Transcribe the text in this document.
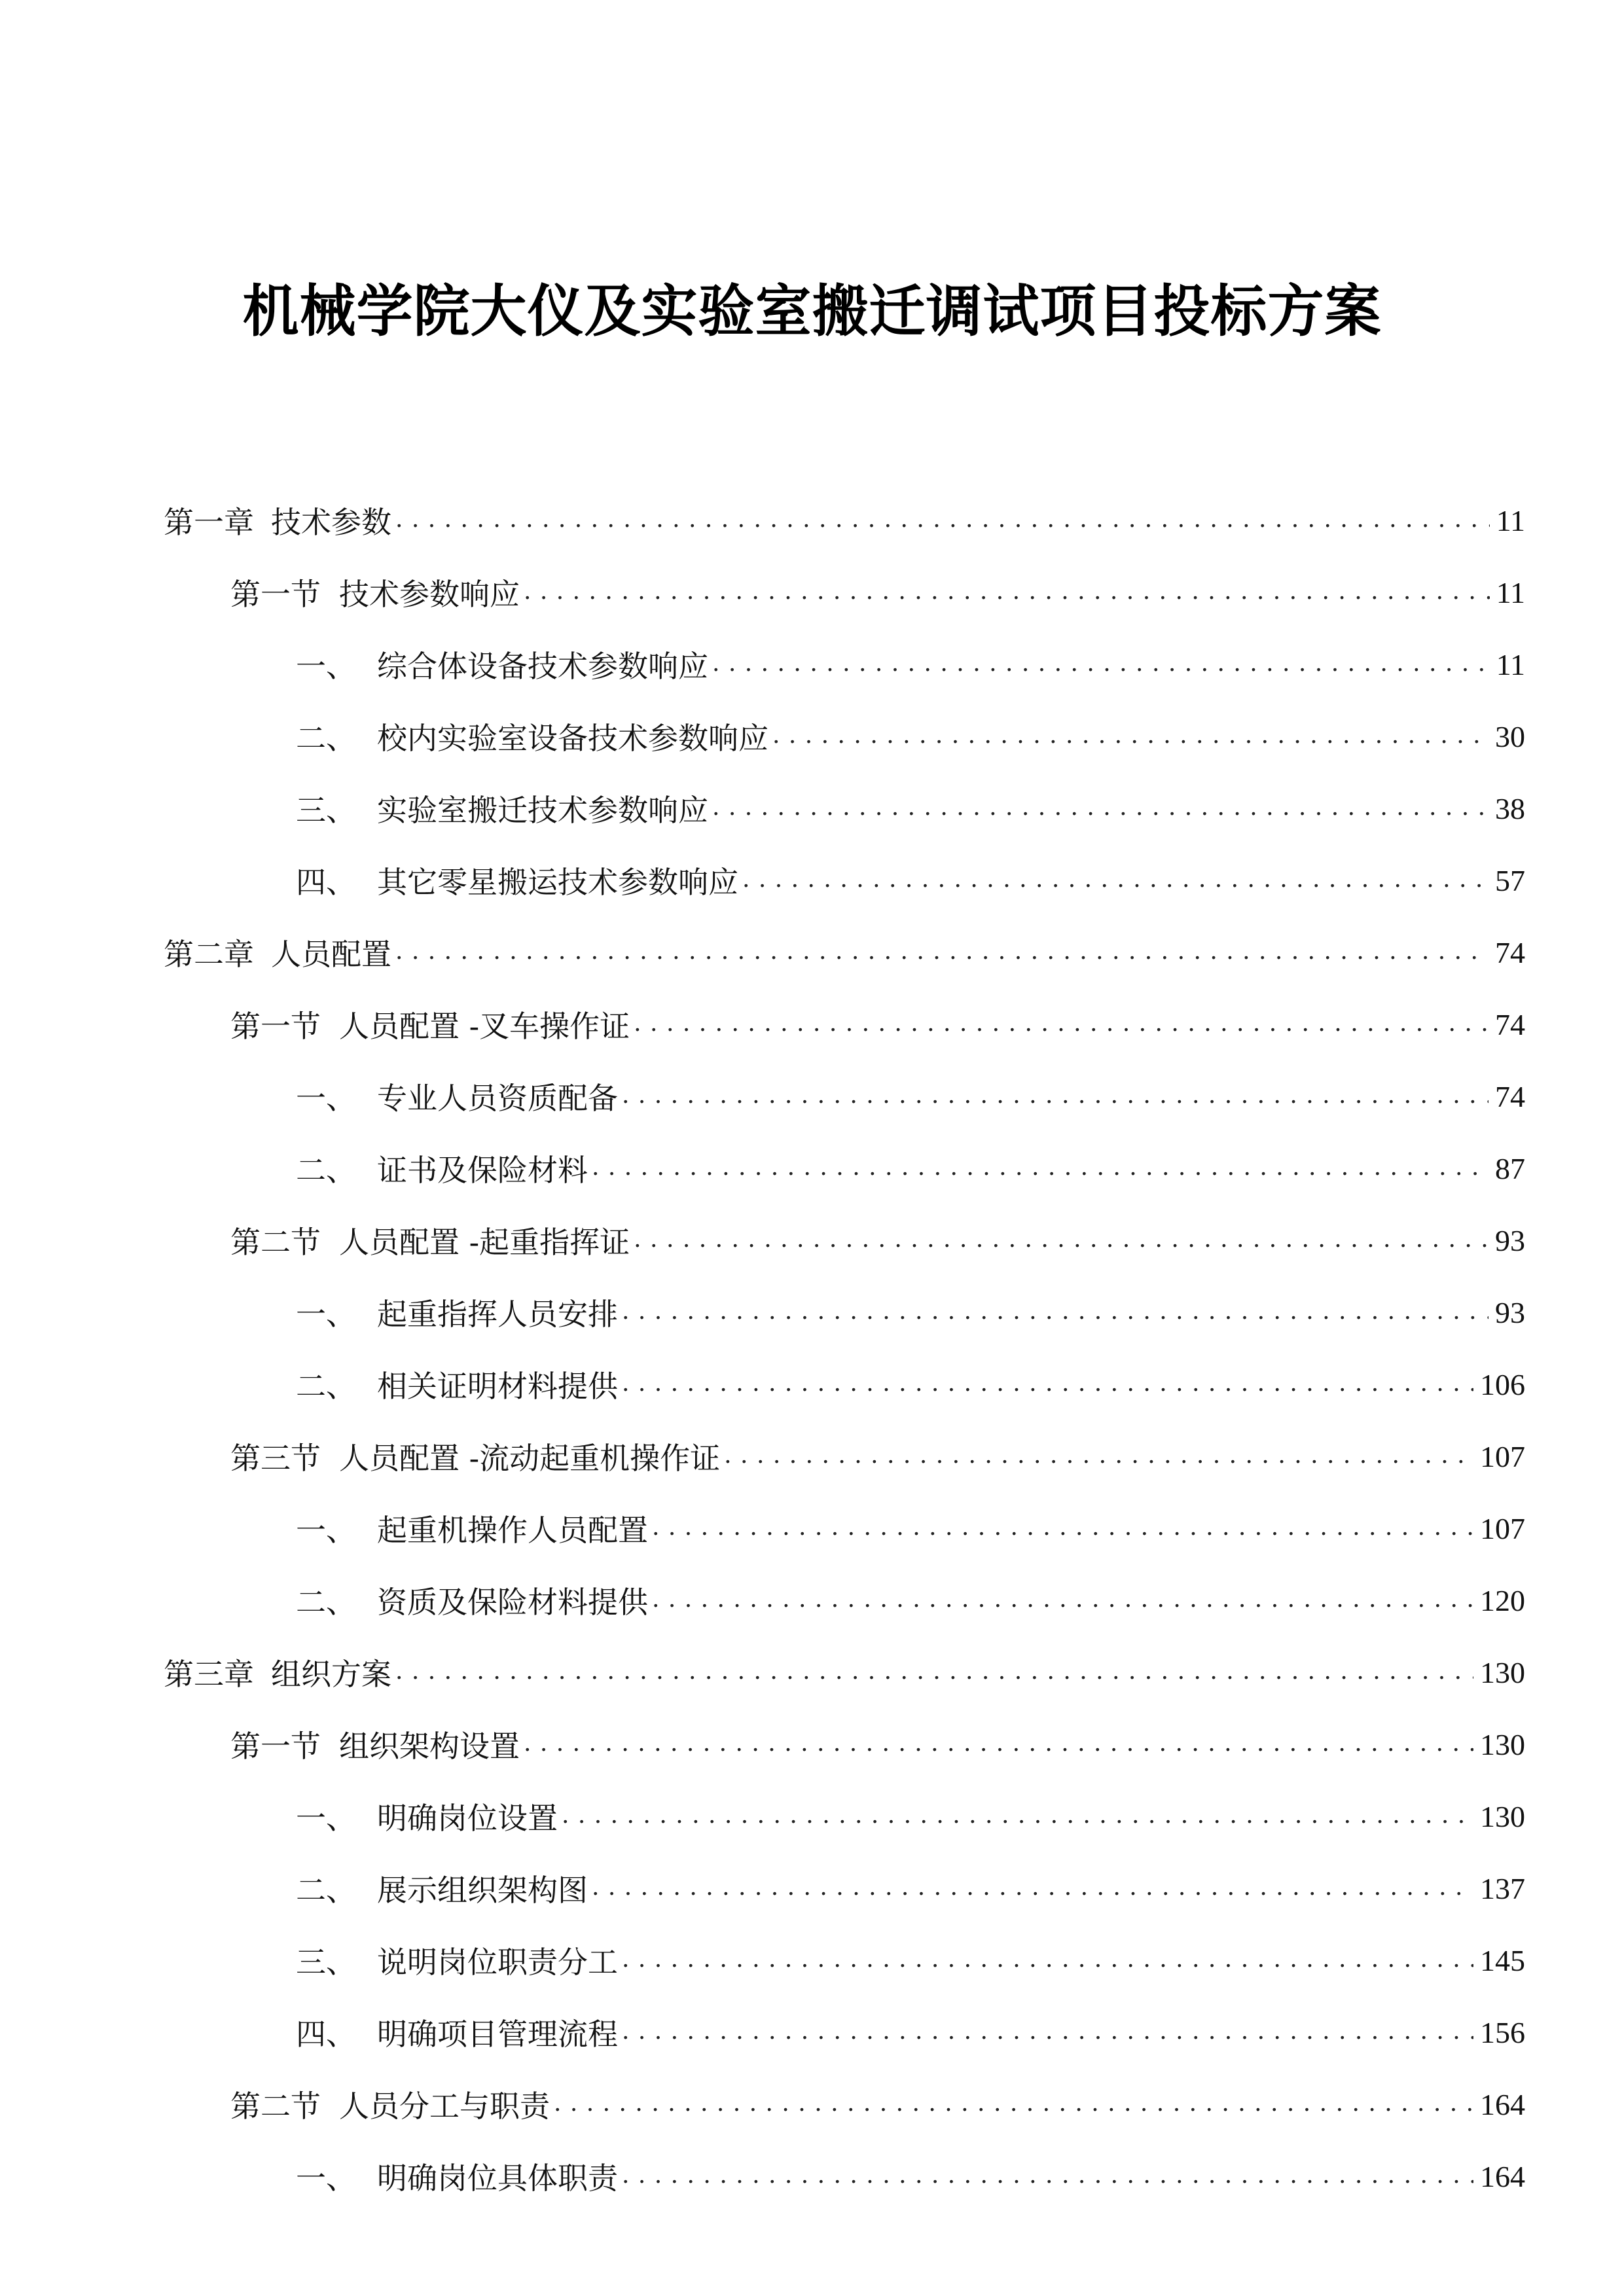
机械学院大仪及实验室搬迁调试项目投标方案
第一章 技术参数 . . .	11
第一节 技术参数响应 . . .	11
一、 综合体设备技术参数响应 . . .	11
二、 校内实验室设备技术参数响应 . . .	30
三、 实验室搬迁技术参数响应 . . .	38
四、 其它零星搬运技术参数响应 . . .	57
第二章 人员配置 . . .	74
第一节 人员配置 -叉车操作证 . . .	74
一、 专业人员资质配备 . . .	74
二、 证书及保险材料 . . .	87
第二节 人员配置 -起重指挥证 . . .	93
一、 起重指挥人员安排 . . .	93
二、 相关证明材料提供 . . .	106
第三节 人员配置 -流动起重机操作证 . . .	107
一、 起重机操作人员配置 . . .	107
二、 资质及保险材料提供 . . .	120
第三章 组织方案 . . .	130
第一节 组织架构设置 . . .	130
一、 明确岗位设置 . . .	130
二、 展示组织架构图 . . .	137
三、 说明岗位职责分工 . . .	145
四、 明确项目管理流程 . . .	156
第二节 人员分工与职责 . . .	164
一、 明确岗位具体职责 . . .	164
